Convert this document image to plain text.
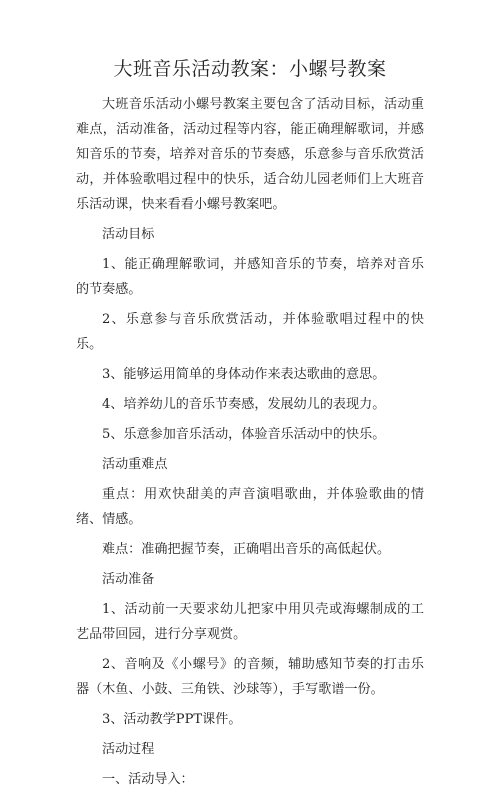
大班音乐活动教案：小螺号教案

大班音乐活动小螺号教案主要包含了活动目标，活动重难点，活动准备，活动过程等内容，能正确理解歌词，并感知音乐的节奏，培养对音乐的节奏感，乐意参与音乐欣赏活动，并体验歌唱过程中的快乐，适合幼儿园老师们上大班音乐活动课，快来看看小螺号教案吧。

活动目标

1、能正确理解歌词，并感知音乐的节奏，培养对音乐的节奏感。

2、乐意参与音乐欣赏活动，并体验歌唱过程中的快乐。

3、能够运用简单的身体动作来表达歌曲的意思。

4、培养幼儿的音乐节奏感，发展幼儿的表现力。

5、乐意参加音乐活动，体验音乐活动中的快乐。

活动重难点

重点：用欢快甜美的声音演唱歌曲，并体验歌曲的情绪、情感。

难点：准确把握节奏，正确唱出音乐的高低起伏。

活动准备

1、活动前一天要求幼儿把家中用贝壳或海螺制成的工艺品带回园，进行分享观赏。

2、音响及《小螺号》的音频，辅助感知节奏的打击乐器（木鱼、小鼓、三角铁、沙球等），手写歌谱一份。

3、活动教学PPT课件。

活动过程

一、活动导入：
